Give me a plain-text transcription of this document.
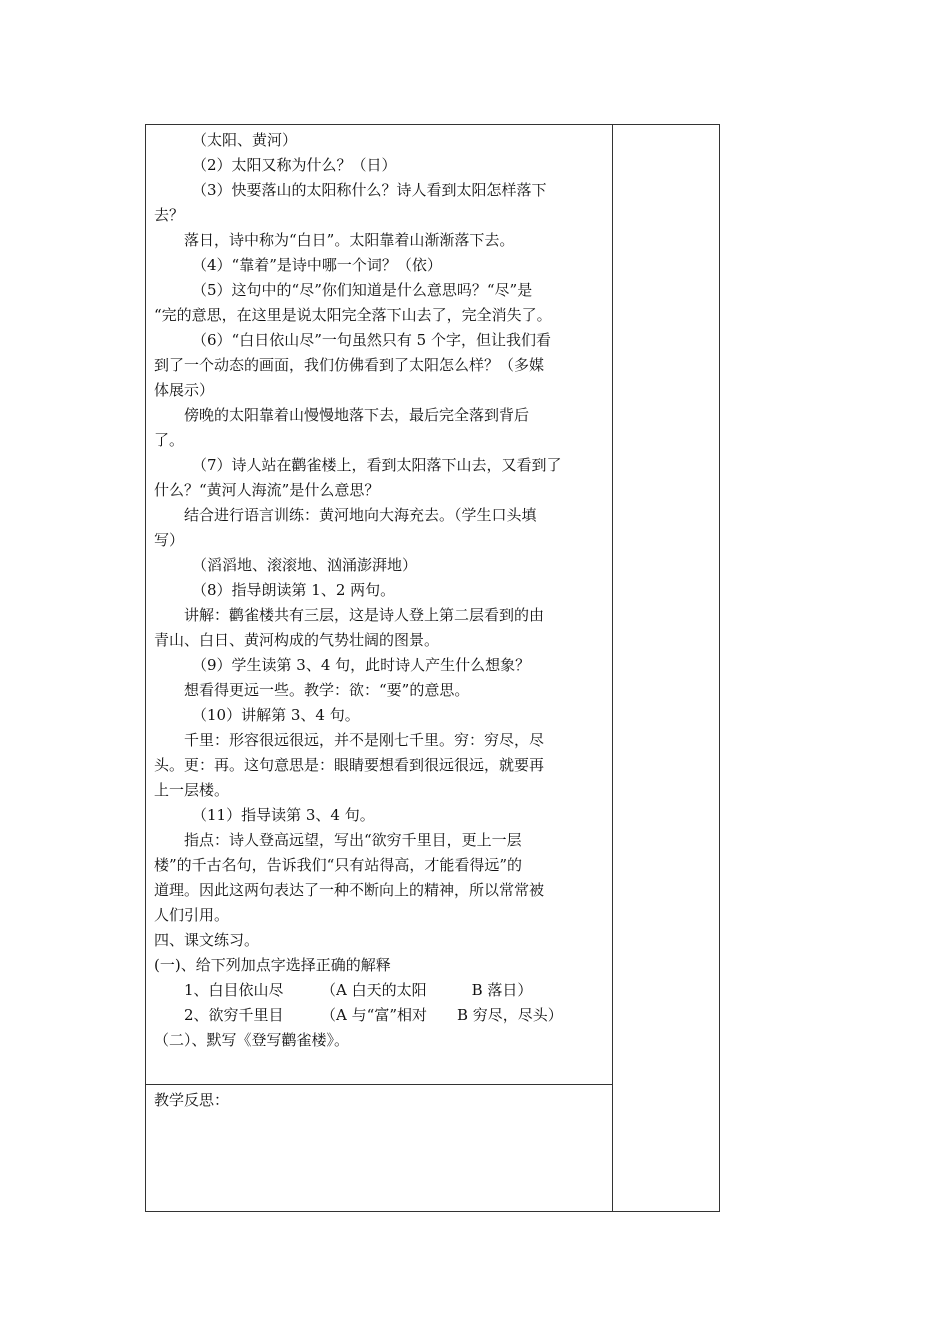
（太阳、黄河）
（2）太阳又称为什么？（日）
（3）快要落山的太阳称什么？诗人看到太阳怎样落下
去？
落日，诗中称为“白日”。太阳靠着山渐渐落下去。
（4）“靠着”是诗中哪一个词？（依）
（5）这句中的“尽”你们知道是什么意思吗？“尽”是
“完的意思，在这里是说太阳完全落下山去了，完全消失了。
（6）“白日依山尽”一句虽然只有 5 个字，但让我们看
到了一个动态的画面，我们仿佛看到了太阳怎么样？（多媒
体展示）
傍晚的太阳靠着山慢慢地落下去，最后完全落到背后
了。
（7）诗人站在鹳雀楼上，看到太阳落下山去，又看到了
什么？“黄河人海流”是什么意思？
结合进行语言训练：黄河地向大海充去。（学生口头填
写）
（滔滔地、滚滚地、汹涌澎湃地）
（8）指导朗读第 1、2 两句。
讲解：鹳雀楼共有三层，这是诗人登上第二层看到的由
青山、白日、黄河构成的气势壮阔的图景。
（9）学生读第 3、4 句，此时诗人产生什么想象？
想看得更远一些。教学：欲：“要”的意思。
（10）讲解第 3、4 句。
千里：形容很远很远，并不是刚七千里。穷：穷尽，尽
头。更：再。这句意思是：眼睛要想看到很远很远，就要再
上一层楼。
（11）指导读第 3、4 句。
指点：诗人登高远望，写出“欲穷千里目，更上一层
楼”的千古名句，告诉我们“只有站得高，才能看得远”的
道理。因此这两句表达了一种不断向上的精神，所以常常被
人们引用。
四、课文练习。
(一)、给下列加点字选择正确的解释
1、白目依山尽　　　（A 白天的太阳　　　B 落日）
2、欲穷千里目　　　（A 与“富”相对　　B 穷尽，尽头）
（二）、默写《登写鹳雀楼》。
教学反思：
